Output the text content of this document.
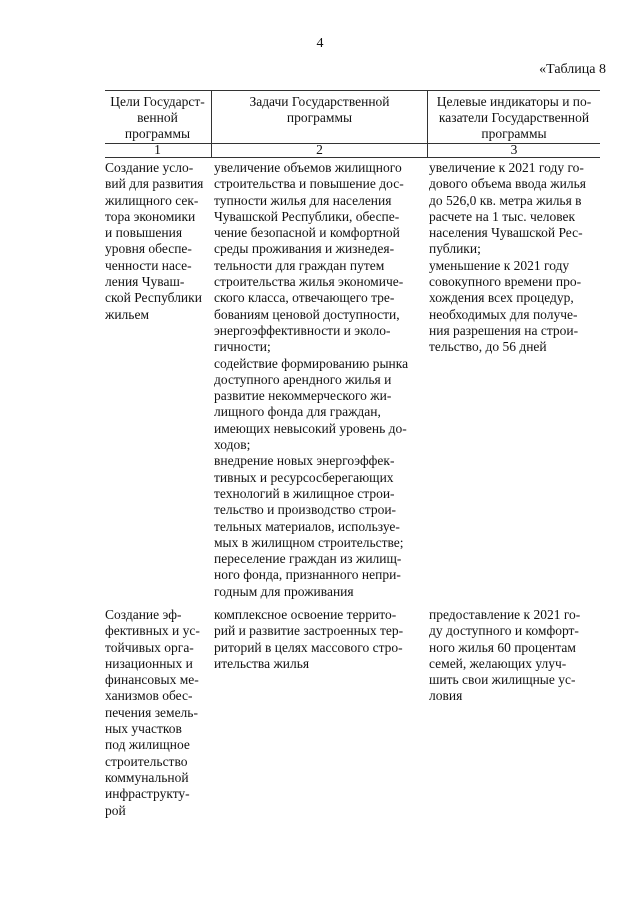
4
«Таблица 8
Цели Государст-
венной
программы
Задачи Государственной
программы
Целевые индикаторы и по-
казатели Государственной
программы
1	2	3
Создание усло-
вий для развития
жилищного сек-
тора экономики
и повышения
уровня обеспе-
ченности насе-
ления Чуваш-
ской Республики
жильем
увеличение объемов жилищного
строительства и повышение дос-
тупности жилья для населения
Чувашской Республики, обеспе-
чение безопасной и комфортной
среды проживания и жизнедея-
тельности для граждан путем
строительства жилья экономиче-
ского класса, отвечающего тре-
бованиям ценовой доступности,
энергоэффективности и эколо-
гичности;
содействие формированию рынка
доступного арендного жилья и
развитие некоммерческого жи-
лищного фонда для граждан,
имеющих невысокий уровень до-
ходов;
внедрение новых энергоэффек-
тивных и ресурсосберегающих
технологий в жилищное строи-
тельство и производство строи-
тельных материалов, используе-
мых в жилищном строительстве;
переселение граждан из жилищ-
ного фонда, признанного непри-
годным для проживания
увеличение к 2021 году го-
дового объема ввода жилья
до 526,0 кв. метра жилья в
расчете на 1 тыс. человек
населения Чувашской Рес-
публики;
уменьшение к 2021 году
совокупного времени про-
хождения всех процедур,
необходимых для получе-
ния разрешения на строи-
тельство, до 56 дней
Создание эф-
фективных и ус-
тойчивых орга-
низационных и
финансовых ме-
ханизмов обес-
печения земель-
ных участков
под жилищное
строительство
коммунальной
инфраструкту-
рой
комплексное освоение террито-
рий и развитие застроенных тер-
риторий в целях массового стро-
ительства жилья
предоставление к 2021 го-
ду доступного и комфорт-
ного жилья 60 процентам
семей, желающих улуч-
шить свои жилищные ус-
ловия
